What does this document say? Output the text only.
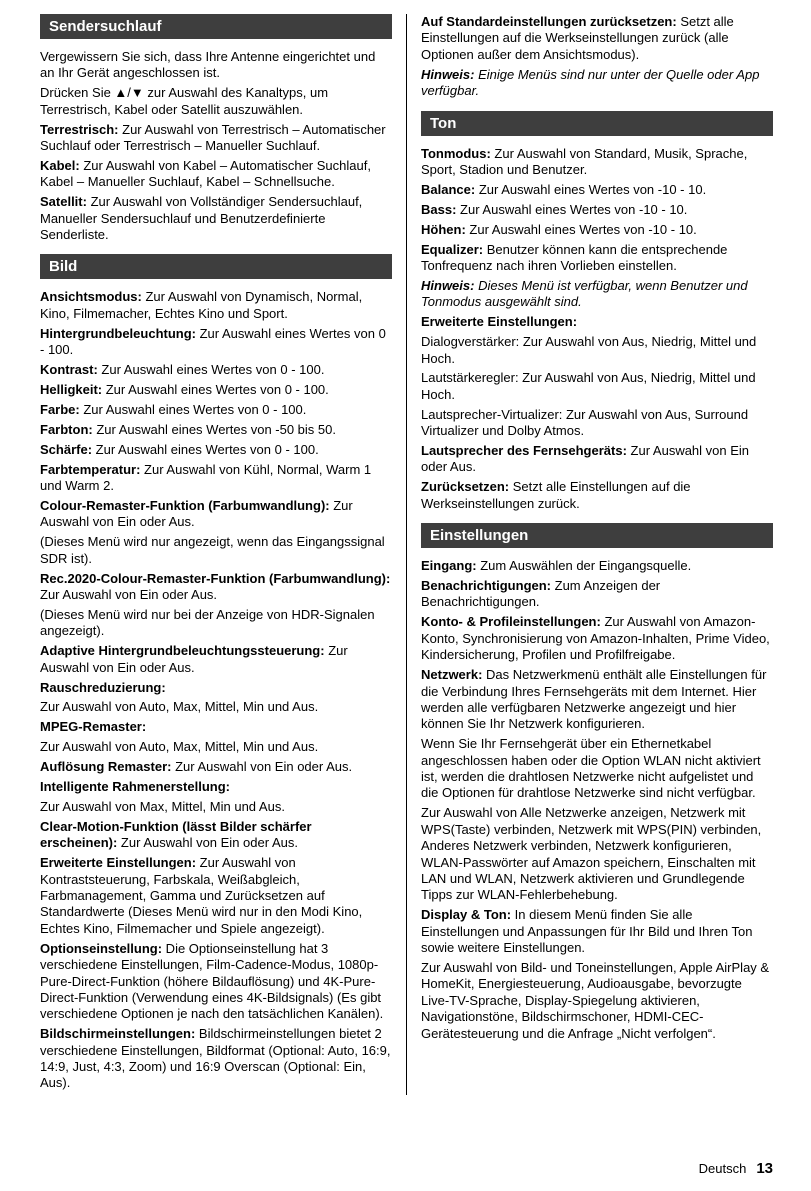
Sendersuchlauf

Vergewissern Sie sich, dass Ihre Antenne eingerichtet und an Ihr Gerät angeschlossen ist.

Drücken Sie ▲/▼ zur Auswahl des Kanaltyps, um Terrestrisch, Kabel oder Satellit auszuwählen.

Terrestrisch: Zur Auswahl von Terrestrisch – Automatischer Suchlauf oder Terrestrisch – Manueller Suchlauf.

Kabel: Zur Auswahl von Kabel – Automatischer Suchlauf, Kabel – Manueller Suchlauf, Kabel – Schnellsuche.

Satellit: Zur Auswahl von Vollständiger Sendersuchlauf, Manueller Sendersuchlauf und Benutzerdefinierte Senderliste.

Bild

Ansichtsmodus: Zur Auswahl von Dynamisch, Normal, Kino, Filmemacher, Echtes Kino und Sport.

Hintergrundbeleuchtung: Zur Auswahl eines Wertes von 0 - 100.

Kontrast: Zur Auswahl eines Wertes von 0 - 100.

Helligkeit: Zur Auswahl eines Wertes von 0 - 100.

Farbe: Zur Auswahl eines Wertes von 0 - 100.

Farbton: Zur Auswahl eines Wertes von -50 bis 50.

Schärfe: Zur Auswahl eines Wertes von 0 - 100.

Farbtemperatur: Zur Auswahl von Kühl, Normal, Warm 1 und Warm 2.

Colour-Remaster-Funktion (Farbumwandlung): Zur Auswahl von Ein oder Aus.

(Dieses Menü wird nur angezeigt, wenn das Eingangssignal SDR ist).

Rec.2020-Colour-Remaster-Funktion (Farbumwandlung): Zur Auswahl von Ein oder Aus.

(Dieses Menü wird nur bei der Anzeige von HDR-Signalen angezeigt).

Adaptive Hintergrundbeleuchtungssteuerung: Zur Auswahl von Ein oder Aus.

Rauschreduzierung:

Zur Auswahl von Auto, Max, Mittel, Min und Aus.

MPEG-Remaster:

Zur Auswahl von Auto, Max, Mittel, Min und Aus.

Auflösung Remaster: Zur Auswahl von Ein oder Aus.

Intelligente Rahmenerstellung:

Zur Auswahl von Max, Mittel, Min und Aus.

Clear-Motion-Funktion (lässt Bilder schärfer erscheinen): Zur Auswahl von Ein oder Aus.

Erweiterte Einstellungen: Zur Auswahl von Kontraststeuerung, Farbskala, Weißabgleich, Farbmanagement, Gamma und Zurücksetzen auf Standardwerte (Dieses Menü wird nur in den Modi Kino, Echtes Kino, Filmemacher und Spiele angezeigt).

Optionseinstellung: Die Optionseinstellung hat 3 verschiedene Einstellungen, Film-Cadence-Modus, 1080p-Pure-Direct-Funktion (höhere Bildauflösung) und 4K-Pure-Direct-Funktion (Verwendung eines 4K-Bildsignals) (Es gibt verschiedene Optionen je nach den tatsächlichen Kanälen).

Bildschirmeinstellungen: Bildschirmeinstellungen bietet 2 verschiedene Einstellungen, Bildformat (Optional: Auto, 16:9, 14:9, Just, 4:3, Zoom) und 16:9 Overscan (Optional: Ein, Aus).

Auf Standardeinstellungen zurücksetzen: Setzt alle Einstellungen auf die Werkseinstellungen zurück (alle Optionen außer dem Ansichtsmodus).

Hinweis: Einige Menüs sind nur unter der Quelle oder App verfügbar.

Ton

Tonmodus: Zur Auswahl von Standard, Musik, Sprache, Sport, Stadion und Benutzer.

Balance: Zur Auswahl eines Wertes von -10 - 10.

Bass: Zur Auswahl eines Wertes von -10 - 10.

Höhen: Zur Auswahl eines Wertes von -10 - 10.

Equalizer: Benutzer können kann die entsprechende Tonfrequenz nach ihren Vorlieben einstellen.

Hinweis: Dieses Menü ist verfügbar, wenn Benutzer und Tonmodus ausgewählt sind.

Erweiterte Einstellungen:

Dialogverstärker: Zur Auswahl von Aus, Niedrig, Mittel und Hoch.

Lautstärkeregler: Zur Auswahl von Aus, Niedrig, Mittel und Hoch.

Lautsprecher-Virtualizer: Zur Auswahl von Aus, Surround Virtualizer und Dolby Atmos.

Lautsprecher des Fernsehgeräts: Zur Auswahl von Ein oder Aus.

Zurücksetzen: Setzt alle Einstellungen auf die Werkseinstellungen zurück.

Einstellungen

Eingang: Zum Auswählen der Eingangsquelle.

Benachrichtigungen: Zum Anzeigen der Benachrichtigungen.

Konto- & Profileinstellungen: Zur Auswahl von Amazon-Konto, Synchronisierung von Amazon-Inhalten, Prime Video, Kindersicherung, Profilen und Profilfreigabe.

Netzwerk: Das Netzwerkmenü enthält alle Einstellungen für die Verbindung Ihres Fernsehgeräts mit dem Internet. Hier werden alle verfügbaren Netzwerke angezeigt und hier können Sie Ihr Netzwerk konfigurieren.

Wenn Sie Ihr Fernsehgerät über ein Ethernetkabel angeschlossen haben oder die Option WLAN nicht aktiviert ist, werden die drahtlosen Netzwerke nicht aufgelistet und die Optionen für drahtlose Netzwerke sind nicht verfügbar.

Zur Auswahl von Alle Netzwerke anzeigen, Netzwerk mit WPS(Taste) verbinden, Netzwerk mit WPS(PIN) verbinden, Anderes Netzwerk verbinden, Netzwerk konfigurieren, WLAN-Passwörter auf Amazon speichern, Einschalten mit LAN und WLAN, Netzwerk aktivieren und Grundlegende Tipps zur WLAN-Fehlerbehebung.

Display & Ton: In diesem Menü finden Sie alle Einstellungen und Anpassungen für Ihr Bild und Ihren Ton sowie weitere Einstellungen.

Zur Auswahl von Bild- und Toneinstellungen, Apple AirPlay & HomeKit, Energiesteuerung, Audioausgabe, bevorzugte Live-TV-Sprache, Display-Spiegelung aktivieren, Navigationstöne, Bildschirmschoner, HDMI-CEC-Gerätesteuerung und die Anfrage „Nicht verfolgen“.

Deutsch 13
